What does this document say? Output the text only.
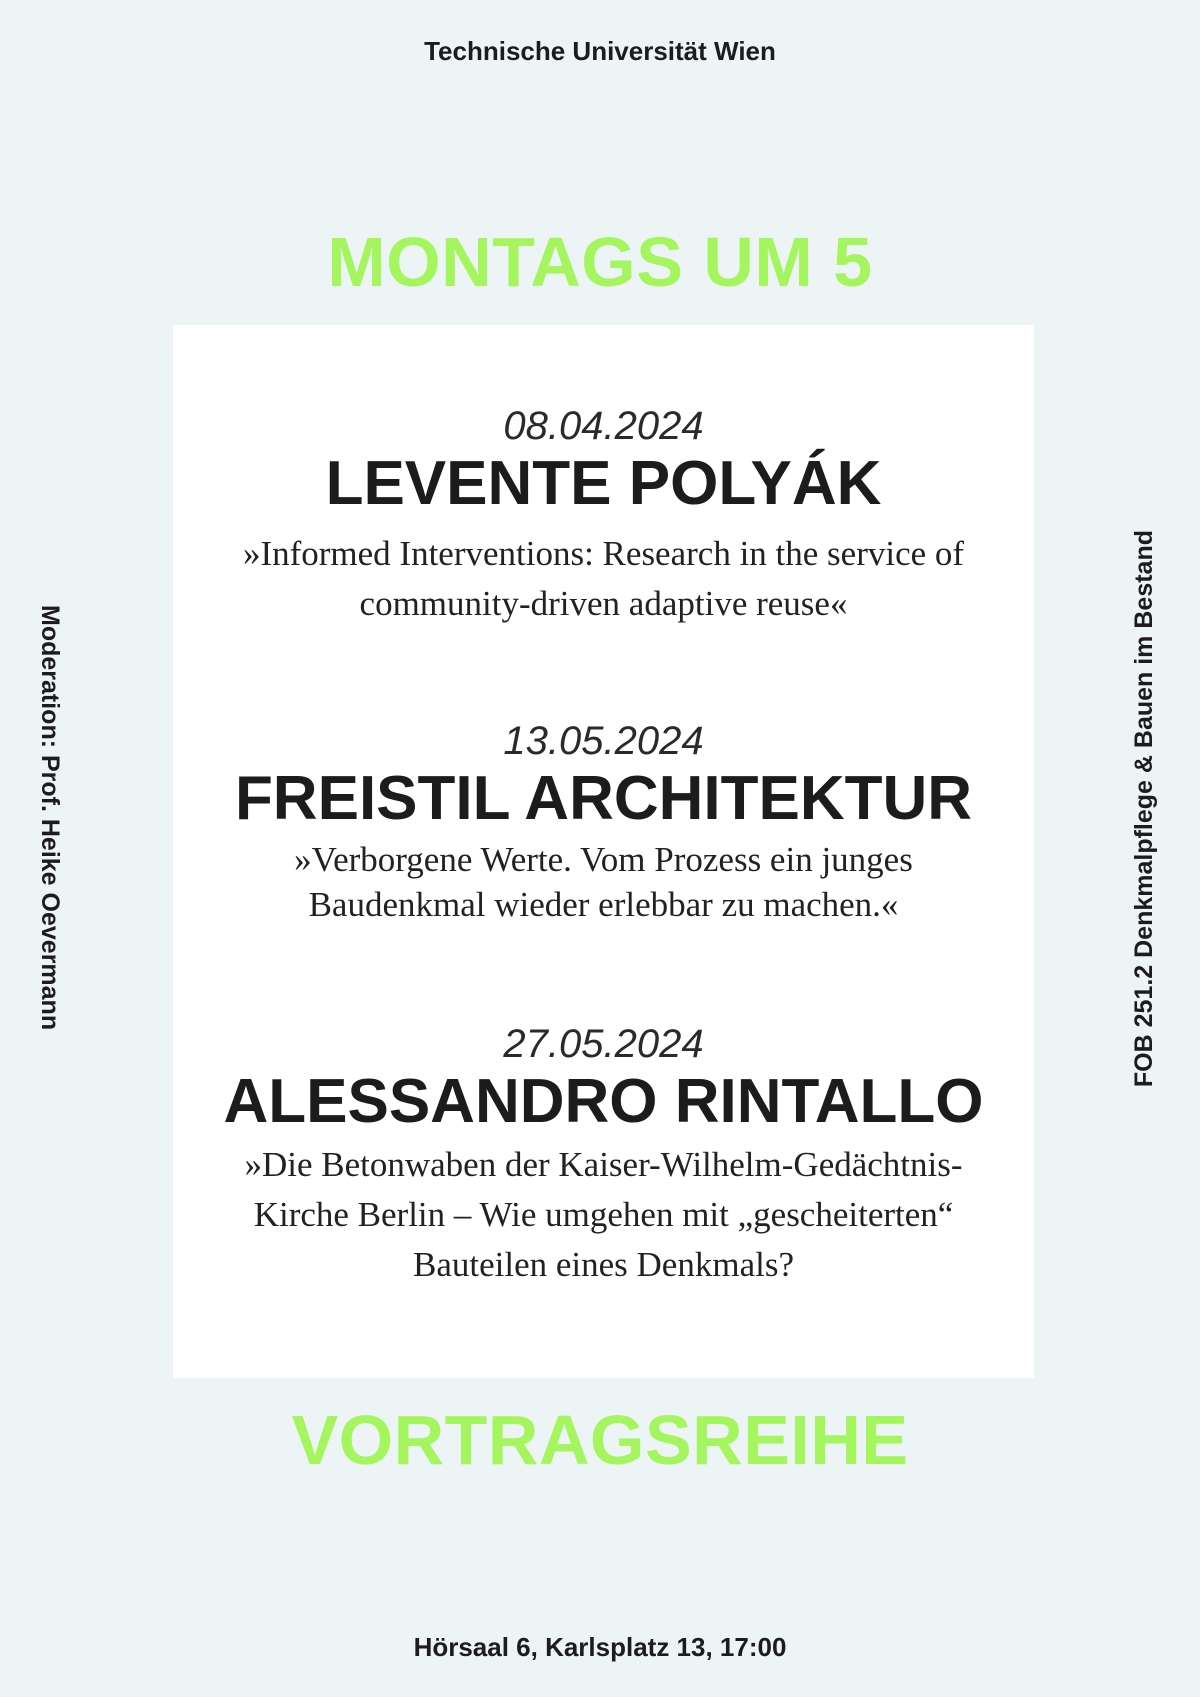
Technische Universität Wien
MONTAGS UM 5
08.04.2024
LEVENTE POLYÁK
»Informed Interventions: Research in the service of community-driven adaptive reuse«
13.05.2024
FREISTIL ARCHITEKTUR
»Verborgene Werte. Vom Prozess ein junges Baudenkmal wieder erlebbar zu machen.«
27.05.2024
ALESSANDRO RINTALLO
»Die Betonwaben der Kaiser-Wilhelm-Gedächtnis-Kirche Berlin – Wie umgehen mit „gescheiterten“ Bauteilen eines Denkmals?
VORTRAGSREIHE
Moderation: Prof. Heike Oevermann	FOB 251.2 Denkmalpflege & Bauen im Bestand
Hörsaal 6, Karlsplatz 13, 17:00
